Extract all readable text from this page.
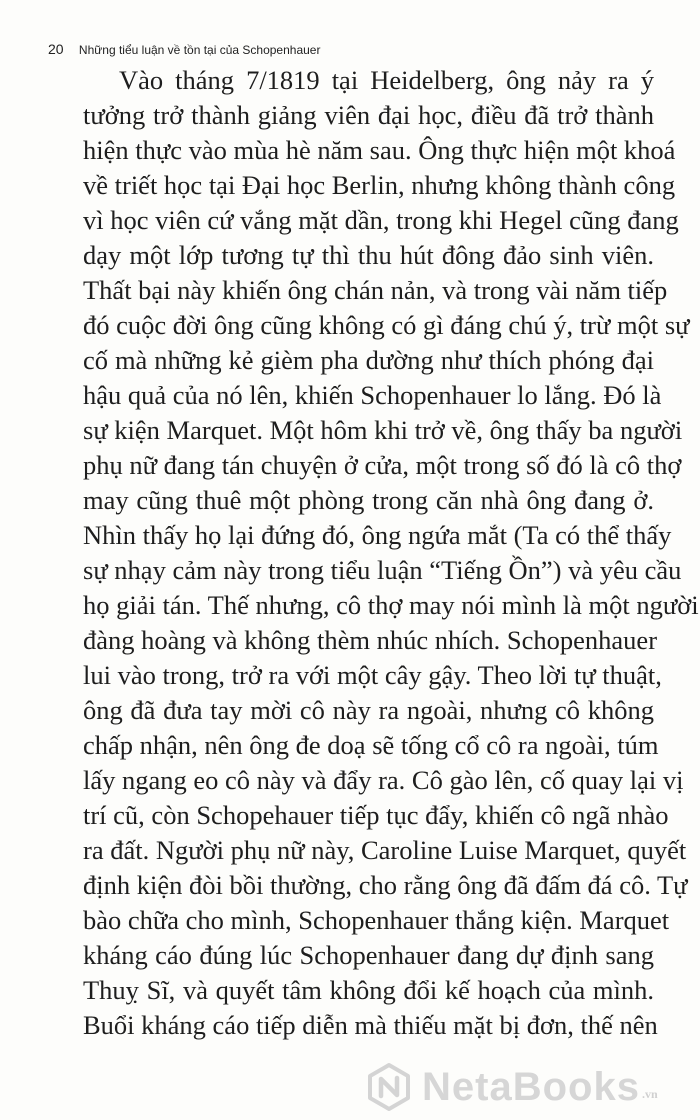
20 Những tiểu luận về tồn tại của Schopenhauer
Vào tháng 7/1819 tại Heidelberg, ông nảy ra ý
tưởng trở thành giảng viên đại học, điều đã trở thành
hiện thực vào mùa hè năm sau. Ông thực hiện một khoá
về triết học tại Đại học Berlin, nhưng không thành công
vì học viên cứ vắng mặt dần, trong khi Hegel cũng đang
dạy một lớp tương tự thì thu hút đông đảo sinh viên.
Thất bại này khiến ông chán nản, và trong vài năm tiếp
đó cuộc đời ông cũng không có gì đáng chú ý, trừ một sự
cố mà những kẻ gièm pha dường như thích phóng đại
hậu quả của nó lên, khiến Schopenhauer lo lắng. Đó là
sự kiện Marquet. Một hôm khi trở về, ông thấy ba người
phụ nữ đang tán chuyện ở cửa, một trong số đó là cô thợ
may cũng thuê một phòng trong căn nhà ông đang ở.
Nhìn thấy họ lại đứng đó, ông ngứa mắt (Ta có thể thấy
sự nhạy cảm này trong tiểu luận “Tiếng Ồn”) và yêu cầu
họ giải tán. Thế nhưng, cô thợ may nói mình là một người
đàng hoàng và không thèm nhúc nhích. Schopenhauer
lui vào trong, trở ra với một cây gậy. Theo lời tự thuật,
ông đã đưa tay mời cô này ra ngoài, nhưng cô không
chấp nhận, nên ông đe doạ sẽ tống cổ cô ra ngoài, túm
lấy ngang eo cô này và đẩy ra. Cô gào lên, cố quay lại vị
trí cũ, còn Schopehauer tiếp tục đẩy, khiến cô ngã nhào
ra đất. Người phụ nữ này, Caroline Luise Marquet, quyết
định kiện đòi bồi thường, cho rằng ông đã đấm đá cô. Tự
bào chữa cho mình, Schopenhauer thắng kiện. Marquet
kháng cáo đúng lúc Schopenhauer đang dự định sang
Thuỵ Sĩ, và quyết tâm không đổi kế hoạch của mình.
Buổi kháng cáo tiếp diễn mà thiếu mặt bị đơn, thế nên
NetaBooks .vn
